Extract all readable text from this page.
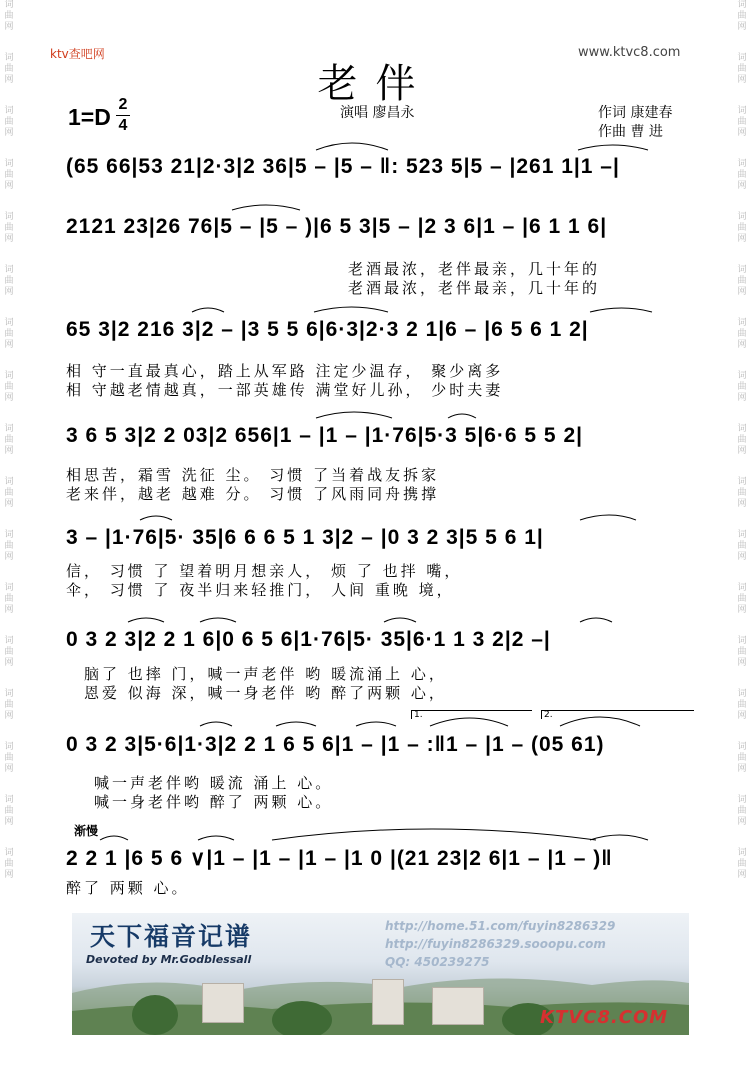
词
曲
网
词
曲
网
词
曲
网
词
曲
网
词
曲
网
词
曲
网
词
曲
网
词
曲
网
词
曲
网
词
曲
网
词
曲
网
词
曲
网
词
曲
网
词
曲
网
词
曲
网
词
曲
网
词
曲
网
词
曲
网
词
曲
网
词
曲
网
词
曲
网
词
曲
网
词
曲
网
词
曲
网
词
曲
网
词
曲
网
词
曲
网
词
曲
网
词
曲
网
词
曲
网
词
曲
网
词
曲
网
词
曲
网
词
曲
网
ktv查吧网	www.ktvc8.com
老伴
1=D 2
4
演唱 廖昌永	作词 康建春
作曲 曹 进
(65 66|53 21|2·3|2 36|5 – |5 – ‖: 523 5|5 – |261 1|1 –|
2121 23|26 76|5 – |5 – )|6 5 3|5 – |2 3 6|1 – |6 1 1 6|
老酒最浓，老伴最亲，几十年的
老酒最浓，老伴最亲，几十年的
65 3|2 216 3|2 – |3 5 5 6|6·3|2·3 2 1|6 – |6 5 6 1 2|
相 守一直最真心，踏上从军路 注定少温存， 聚少离多
相 守越老情越真，一部英雄传 满堂好儿孙， 少时夫妻
3 6 5 3|2 2 03|2 656|1 – |1 – |1·76|5·3 5|6·6 5 5 2|
相思苦，霜雪 洗征 尘。 习惯 了当着战友拆家
老来伴，越老 越难 分。 习惯 了风雨同舟携撑
3 – |1·76|5· 35|6 6 6 5 1 3|2 – |0 3 2 3|5 5 6 1|
信， 习惯 了 望着明月想亲人， 烦 了 也拌 嘴，
伞， 习惯 了 夜半归来轻推门， 人间 重晚 境，
0 3 2 3|2 2 1 6|0 6 5 6|1·76|5· 35|6·1 1 3 2|2 –|
脑了 也摔 门，喊一声老伴 哟 暖流涌上 心，
恩爱 似海 深，喊一身老伴 哟 醉了两颗 心，
1.	2.
0 3 2 3|5·6|1·3|2 2 1 6 5 6|1 – |1 – :‖1 – |1 – (05 61)
喊一声老伴哟 暖流 涌上 心。
喊一身老伴哟 醉了 两颗 心。
渐慢
2 2 1 |6 5 6 ∨|1 – |1 – |1 – |1 0 |(21 23|2 6|1 – |1 – )‖
醉了 两颗 心。
天下福音记谱
Devoted by Mr.Godblessall
http://home.51.com/fuyin8286329
http://fuyin8286329.sooopu.com
QQ: 450239275
KTVC8.COM
